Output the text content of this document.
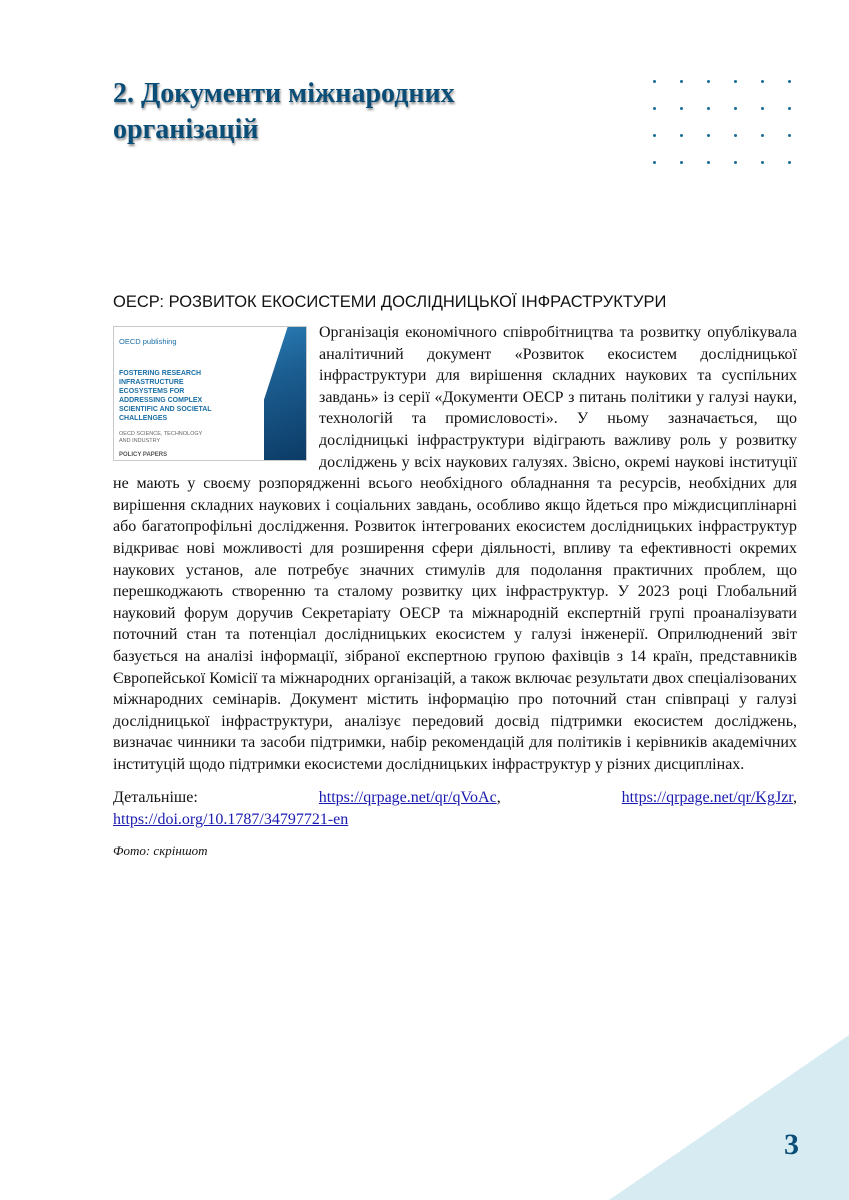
2. Документи міжнародних організацій
ОЕСР: РОЗВИТОК ЕКОСИСТЕМИ ДОСЛІДНИЦЬКОЇ ІНФРАСТРУКТУРИ
OECD publishing
FOSTERING RESEARCH
INFRASTRUCTURE
ECOSYSTEMS FOR
ADDRESSING COMPLEX
SCIENTIFIC AND SOCIETAL
CHALLENGES
OECD SCIENCE, TECHNOLOGY
AND INDUSTRY
POLICY PAPERS

Організація економічного співробітництва та розвитку опублікувала аналітичний документ «Розвиток екосистем дослідницької інфраструктури для вирішення складних наукових та суспільних завдань» із серії «Документи ОЕСР з питань політики у галузі науки, технологій та промисловості». У ньому зазначається, що дослідницькі інфраструктури відіграють важливу роль у розвитку досліджень у всіх наукових галузях. Звісно, окремі наукові інституції не мають у своєму розпорядженні всього необхідного обладнання та ресурсів, необхідних для вирішення складних наукових і соціальних завдань, особливо якщо йдеться про міждисциплінарні або багатопрофільні дослідження. Розвиток інтегрованих екосистем дослідницьких інфраструктур відкриває нові можливості для розширення сфери діяльності, впливу та ефективності окремих наукових установ, але потребує значних стимулів для подолання практичних проблем, що перешкоджають створенню та сталому розвитку цих інфраструктур. У 2023 році Глобальний науковий форум доручив Секретаріату ОЕСР та міжнародній експертній групі проаналізувати поточний стан та потенціал дослідницьких екосистем у галузі інженерії. Оприлюднений звіт базується на аналізі інформації, зібраної експертною групою фахівців з 14 країн, представників Європейської Комісії та міжнародних організацій, а також включає результати двох спеціалізованих міжнародних семінарів. Документ містить інформацію про поточний стан співпраці у галузі дослідницької інфраструктури, аналізує передовий досвід підтримки екосистем досліджень, визначає чинники та засоби підтримки, набір рекомендацій для політиків і керівників академічних інституцій щодо підтримки екосистеми дослідницьких інфраструктур у різних дисциплінах.

Детальніше:	https://qrpage.net/qr/qVoAc,	https://qrpage.net/qr/KgJzr,

https://doi.org/10.1787/34797721-en

Фото: скріншот

3
